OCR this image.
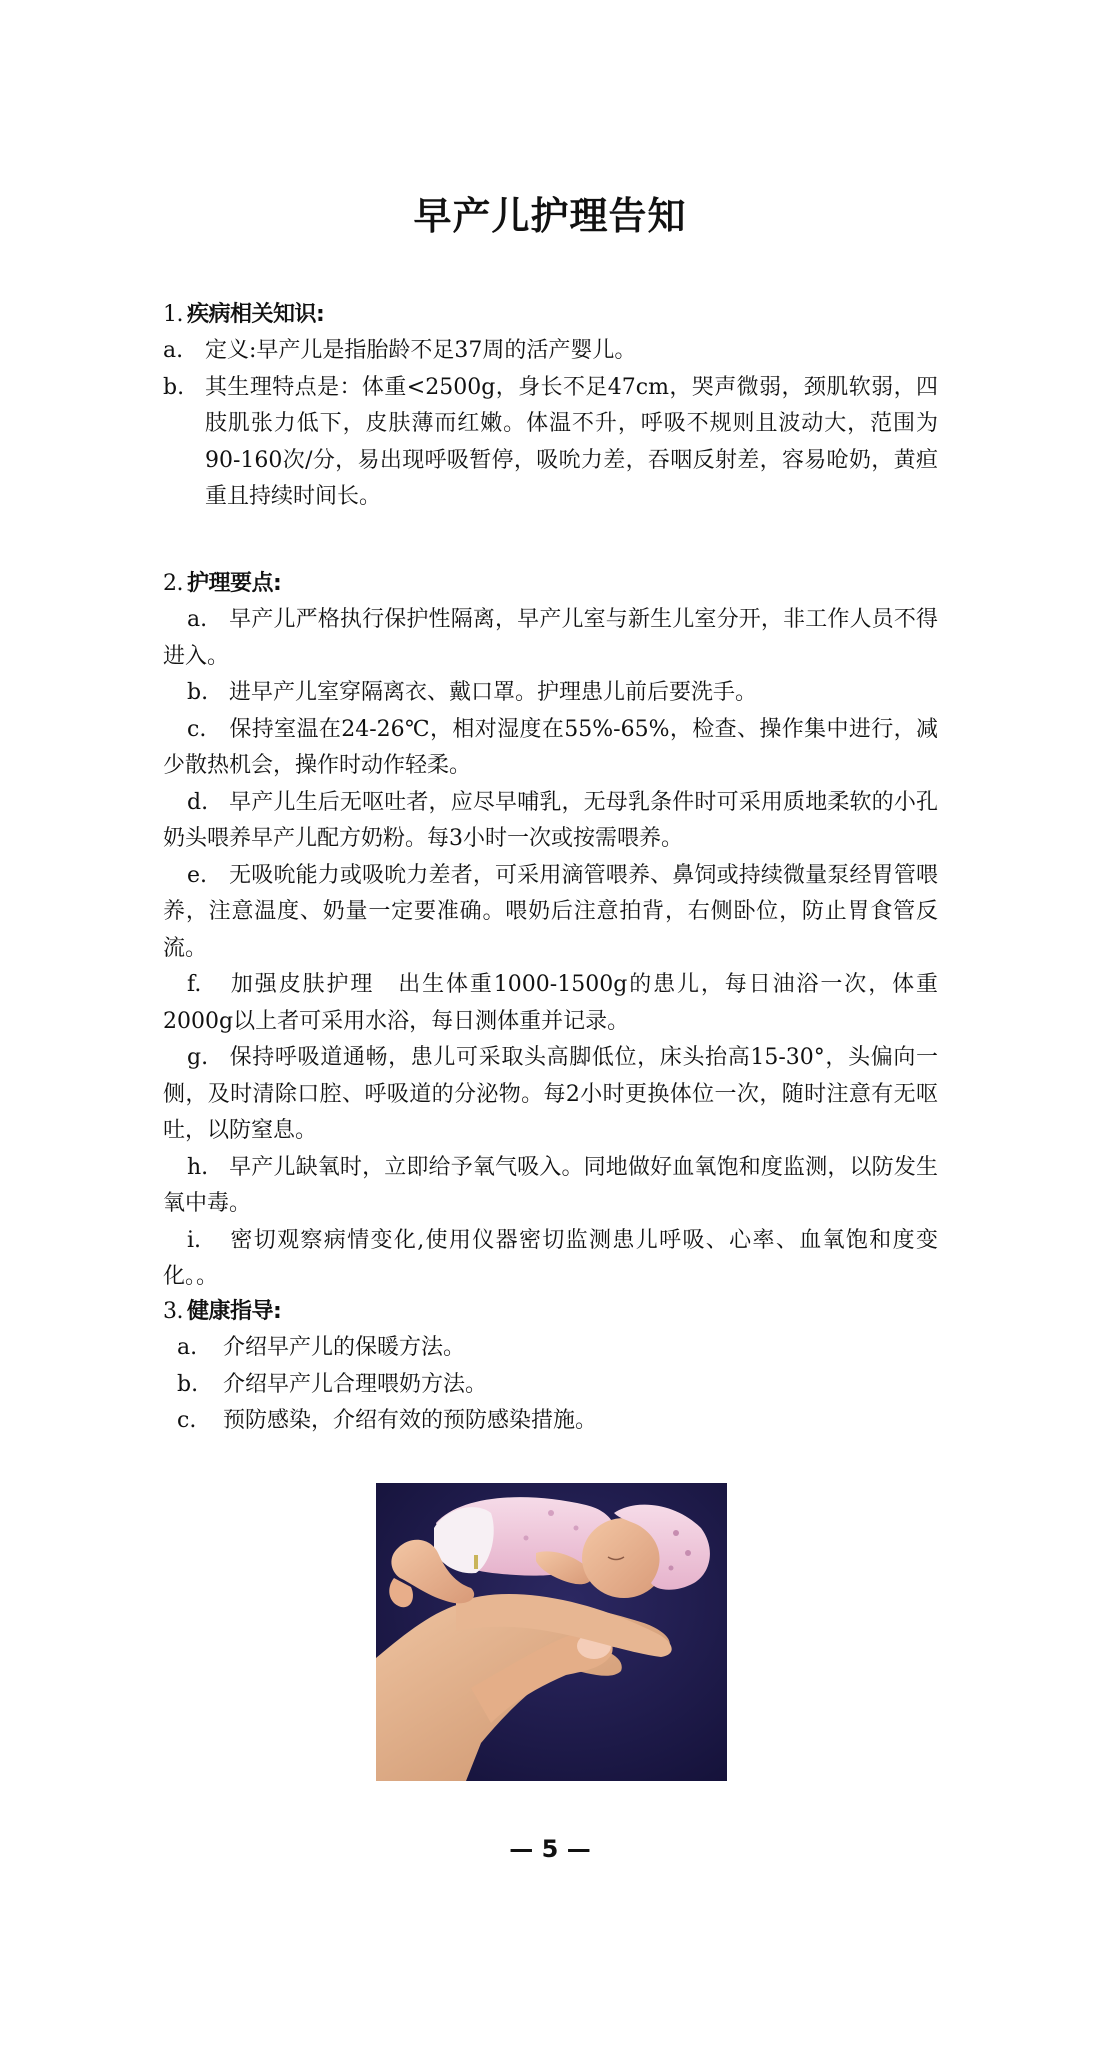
早产儿护理告知
1. 疾病相关知识:
a. 定义:早产儿是指胎龄不足37周的活产婴儿。
b. 其生理特点是：体重<2500g，身长不足47cm，哭声微弱，颈肌软弱，四肢肌张力低下，皮肤薄而红嫩。体温不升，呼吸不规则且波动大，范围为90-160次/分，易出现呼吸暂停，吸吮力差，吞咽反射差，容易呛奶，黄疸重且持续时间长。
2. 护理要点:
a. 早产儿严格执行保护性隔离，早产儿室与新生儿室分开，非工作人员不得进入。
b. 进早产儿室穿隔离衣、戴口罩。护理患儿前后要洗手。
c. 保持室温在24-26℃，相对湿度在55%-65%，检查、操作集中进行，减少散热机会，操作时动作轻柔。
d. 早产儿生后无呕吐者，应尽早哺乳，无母乳条件时可采用质地柔软的小孔奶头喂养早产儿配方奶粉。每3小时一次或按需喂养。
e. 无吸吮能力或吸吮力差者，可采用滴管喂养、鼻饲或持续微量泵经胃管喂养，注意温度、奶量一定要准确。喂奶后注意拍背，右侧卧位，防止胃食管反流。
f. 加强皮肤护理　出生体重1000-1500g的患儿，每日油浴一次，体重2000g以上者可采用水浴，每日测体重并记录。
g. 保持呼吸道通畅，患儿可采取头高脚低位，床头抬高15-30°，头偏向一侧，及时清除口腔、呼吸道的分泌物。每2小时更换体位一次，随时注意有无呕吐，以防窒息。
h. 早产儿缺氧时，立即给予氧气吸入。同地做好血氧饱和度监测，以防发生氧中毒。
i. 密切观察病情变化,使用仪器密切监测患儿呼吸、心率、血氧饱和度变化。。
3. 健康指导:
a. 介绍早产儿的保暖方法。
b. 介绍早产儿合理喂奶方法。
c. 预防感染，介绍有效的预防感染措施。
— 5 —
